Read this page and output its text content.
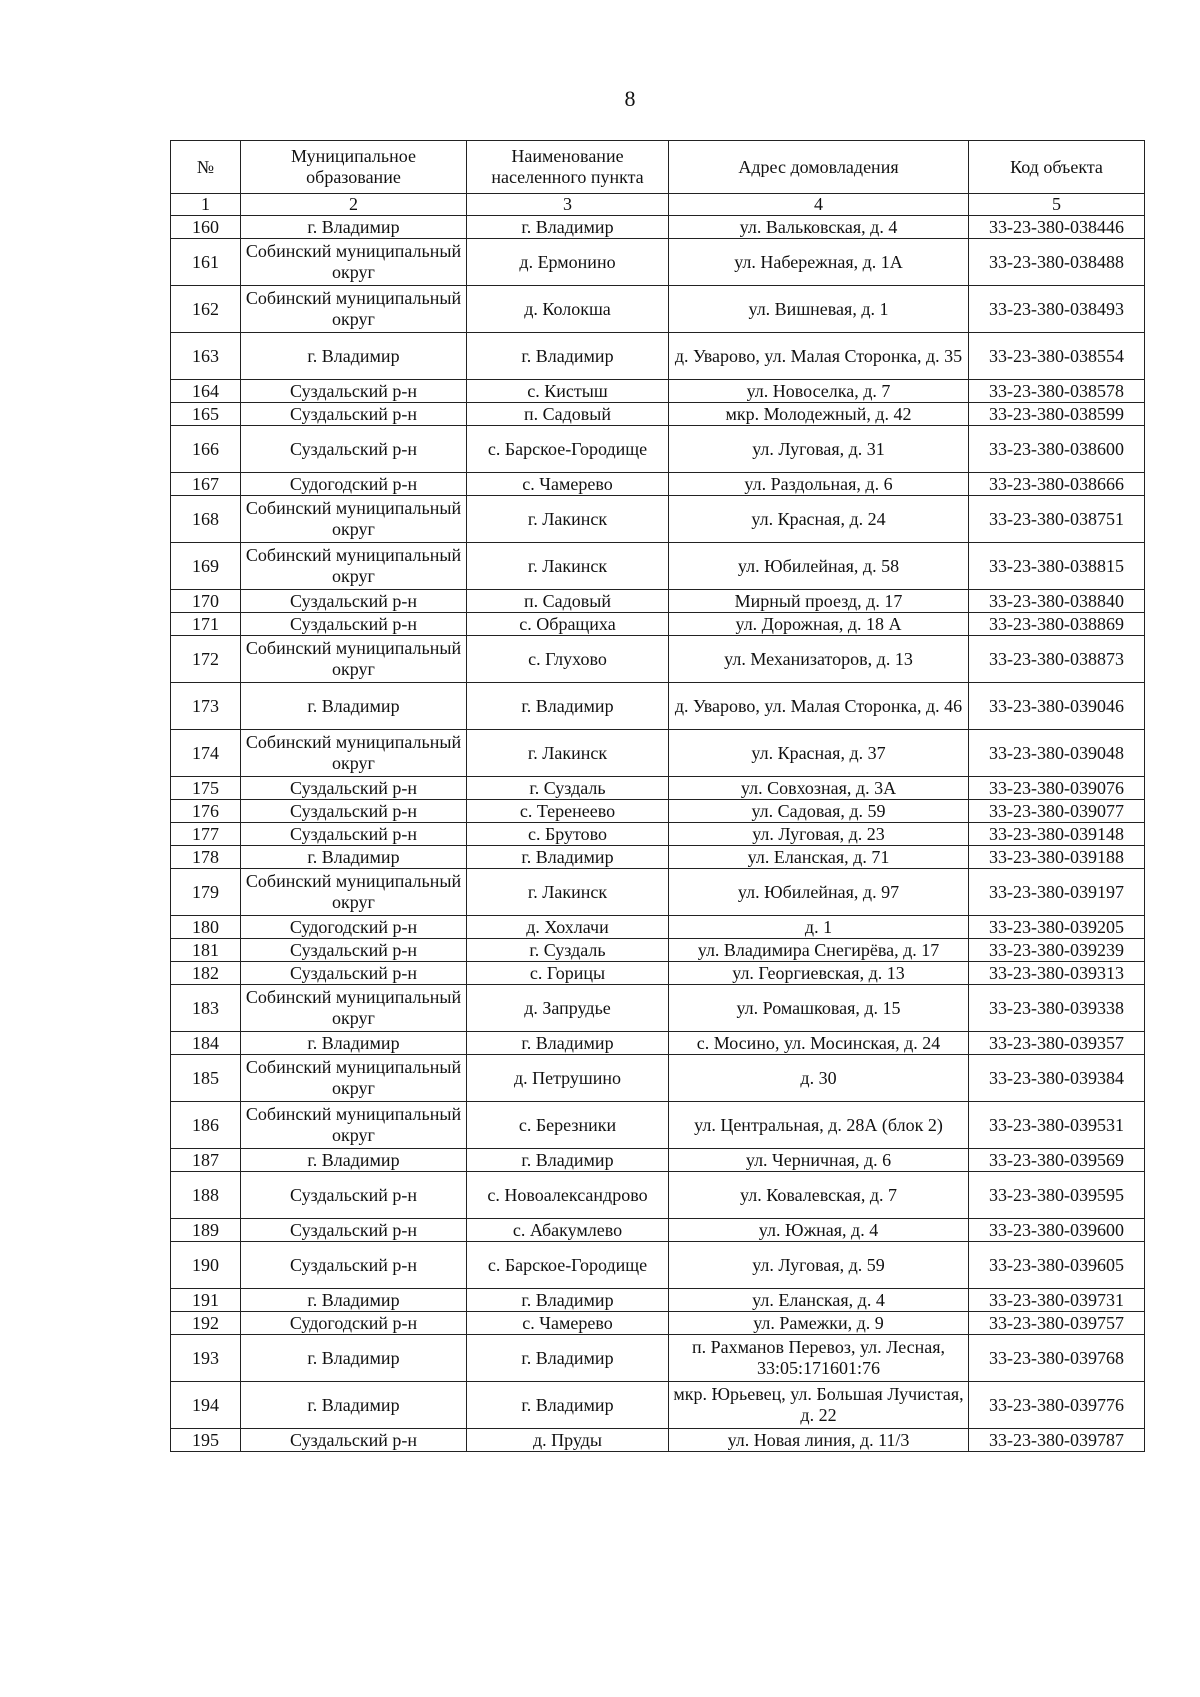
8
№	Муниципальное образование	Наименование населенного пункта	Адрес домовладения	Код объекта
1	2	3	4	5
160	г. Владимир	г. Владимир	ул. Вальковская, д. 4	33-23-380-038446
161	Собинский муниципальный округ	д. Ермонино	ул. Набережная, д. 1А	33-23-380-038488
162	Собинский муниципальный округ	д. Колокша	ул. Вишневая, д. 1	33-23-380-038493
163	г. Владимир	г. Владимир	д. Уварово, ул. Малая Сторонка, д. 35	33-23-380-038554
164	Суздальский р-н	с. Кистыш	ул. Новоселка, д. 7	33-23-380-038578
165	Суздальский р-н	п. Садовый	мкр. Молодежный, д. 42	33-23-380-038599
166	Суздальский р-н	с. Барское-Городище	ул. Луговая, д. 31	33-23-380-038600
167	Судогодский р-н	с. Чамерево	ул. Раздольная, д. 6	33-23-380-038666
168	Собинский муниципальный округ	г. Лакинск	ул. Красная, д. 24	33-23-380-038751
169	Собинский муниципальный округ	г. Лакинск	ул. Юбилейная, д. 58	33-23-380-038815
170	Суздальский р-н	п. Садовый	Мирный проезд, д. 17	33-23-380-038840
171	Суздальский р-н	с. Обращиха	ул. Дорожная, д. 18 А	33-23-380-038869
172	Собинский муниципальный округ	с. Глухово	ул. Механизаторов, д. 13	33-23-380-038873
173	г. Владимир	г. Владимир	д. Уварово, ул. Малая Сторонка, д. 46	33-23-380-039046
174	Собинский муниципальный округ	г. Лакинск	ул. Красная, д. 37	33-23-380-039048
175	Суздальский р-н	г. Суздаль	ул. Совхозная, д. 3А	33-23-380-039076
176	Суздальский р-н	с. Теренеево	ул. Садовая, д. 59	33-23-380-039077
177	Суздальский р-н	с. Брутово	ул. Луговая, д. 23	33-23-380-039148
178	г. Владимир	г. Владимир	ул. Еланская, д. 71	33-23-380-039188
179	Собинский муниципальный округ	г. Лакинск	ул. Юбилейная, д. 97	33-23-380-039197
180	Судогодский р-н	д. Хохлачи	д. 1	33-23-380-039205
181	Суздальский р-н	г. Суздаль	ул. Владимира Снегирёва, д. 17	33-23-380-039239
182	Суздальский р-н	с. Горицы	ул. Георгиевская, д. 13	33-23-380-039313
183	Собинский муниципальный округ	д. Запрудье	ул. Ромашковая, д. 15	33-23-380-039338
184	г. Владимир	г. Владимир	с. Мосино, ул. Мосинская, д. 24	33-23-380-039357
185	Собинский муниципальный округ	д. Петрушино	д. 30	33-23-380-039384
186	Собинский муниципальный округ	с. Березники	ул. Центральная, д. 28А (блок 2)	33-23-380-039531
187	г. Владимир	г. Владимир	ул. Черничная, д. 6	33-23-380-039569
188	Суздальский р-н	с. Новоалександрово	ул. Ковалевская, д. 7	33-23-380-039595
189	Суздальский р-н	с. Абакумлево	ул. Южная, д. 4	33-23-380-039600
190	Суздальский р-н	с. Барское-Городище	ул. Луговая, д. 59	33-23-380-039605
191	г. Владимир	г. Владимир	ул. Еланская, д. 4	33-23-380-039731
192	Судогодский р-н	с. Чамерево	ул. Рамежки, д. 9	33-23-380-039757
193	г. Владимир	г. Владимир	п. Рахманов Перевоз, ул. Лесная, 33:05:171601:76	33-23-380-039768
194	г. Владимир	г. Владимир	мкр. Юрьевец, ул. Большая Лучистая, д. 22	33-23-380-039776
195	Суздальский р-н	д. Пруды	ул. Новая линия, д. 11/3	33-23-380-039787
